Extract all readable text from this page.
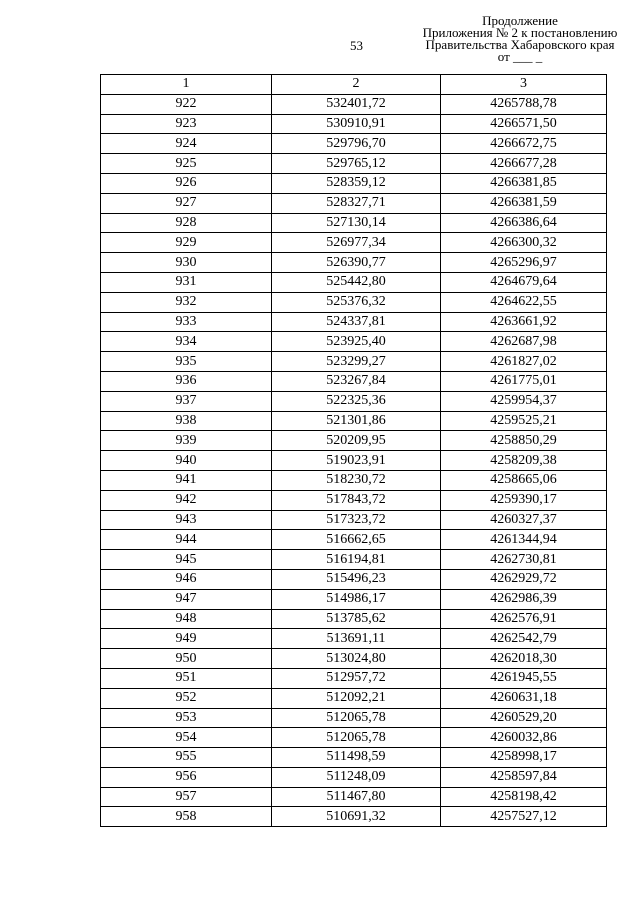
53
Продолжение
Приложения № 2 к постановлению
Правительства Хабаровского края
от ___ _
1	2	3
922	532401,72	4265788,78
923	530910,91	4266571,50
924	529796,70	4266672,75
925	529765,12	4266677,28
926	528359,12	4266381,85
927	528327,71	4266381,59
928	527130,14	4266386,64
929	526977,34	4266300,32
930	526390,77	4265296,97
931	525442,80	4264679,64
932	525376,32	4264622,55
933	524337,81	4263661,92
934	523925,40	4262687,98
935	523299,27	4261827,02
936	523267,84	4261775,01
937	522325,36	4259954,37
938	521301,86	4259525,21
939	520209,95	4258850,29
940	519023,91	4258209,38
941	518230,72	4258665,06
942	517843,72	4259390,17
943	517323,72	4260327,37
944	516662,65	4261344,94
945	516194,81	4262730,81
946	515496,23	4262929,72
947	514986,17	4262986,39
948	513785,62	4262576,91
949	513691,11	4262542,79
950	513024,80	4262018,30
951	512957,72	4261945,55
952	512092,21	4260631,18
953	512065,78	4260529,20
954	512065,78	4260032,86
955	511498,59	4258998,17
956	511248,09	4258597,84
957	511467,80	4258198,42
958	510691,32	4257527,12
